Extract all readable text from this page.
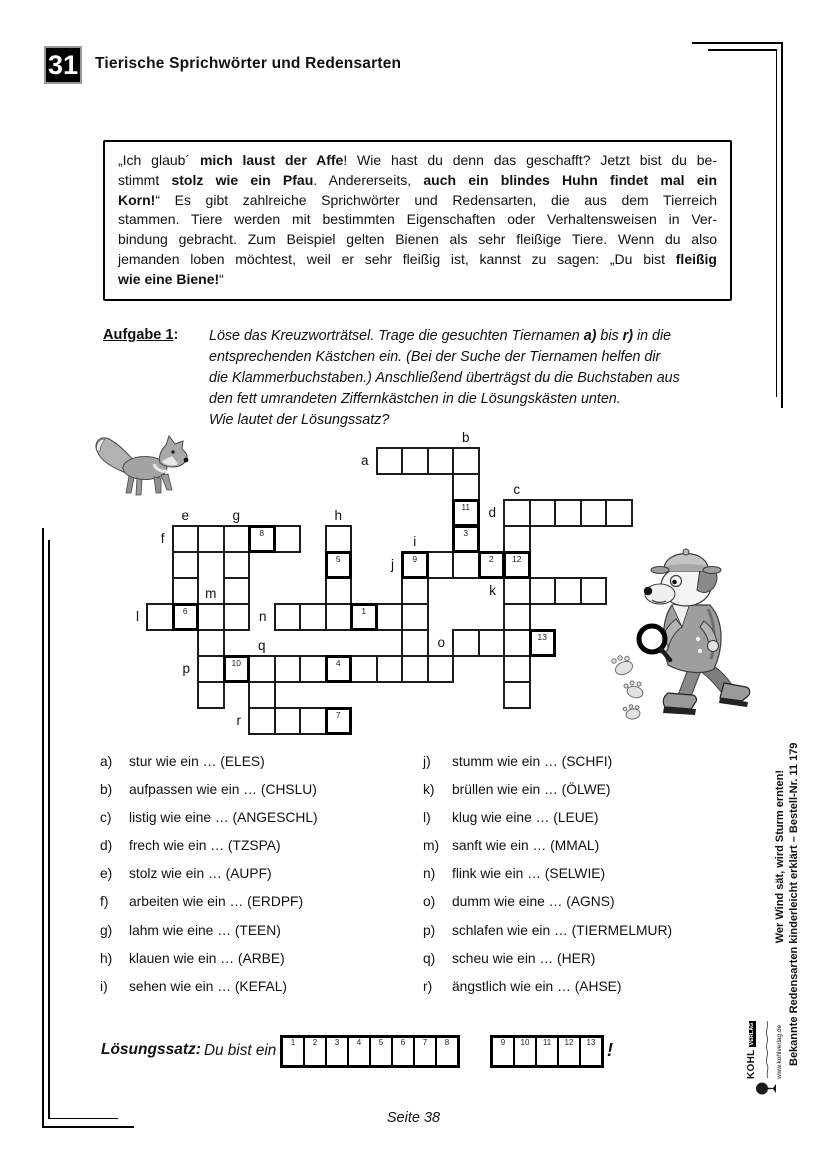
31 Tierische Sprichwörter und Redensarten
„Ich glaub´ mich laust der Affe! Wie hast du denn das geschafft? Jetzt bist du be-
stimmt stolz wie ein Pfau. Andererseits, auch ein blindes Huhn findet mal ein
Korn!“ Es gibt zahlreiche Sprichwörter und Redensarten, die aus dem Tierreich
stammen. Tiere werden mit bestimmten Eigenschaften oder Verhaltensweisen in Ver-
bindung gebracht. Zum Beispiel gelten Bienen als sehr fleißige Tiere. Wenn du also
jemanden loben möchtest, weil er sehr fleißig ist, kannst zu sagen: „Du bist fleißig
wie eine Biene!“
Aufgabe 1: Löse das Kreuzworträtsel. Trage die gesuchten Tiernamen a) bis r) in die
entsprechenden Kästchen ein. (Bei der Suche der Tiernamen helfen dir
die Klammerbuchstaben.) Anschließend überträgst du die Buchstaben aus
den fett umrandeten Ziffernkästchen in die Lösungskästen unten.
Wie lautet der Lösungssatz?
11
3
12
6
8
5	9	2
1
13
10	4
7
a
b
c
d
e
f
g	h
i
j
k
l
m
n
o
p
q
r
a)	stur wie ein … (ELES)
b)	aufpassen wie ein … (CHSLU)
c)	listig wie eine … (ANGESCHL)
d)	frech wie ein … (TZSPA)
e)	stolz wie ein … (AUPF)
f)	arbeiten wie ein … (ERDPF)
g)	lahm wie eine … (TEEN)
h)	klauen wie ein … (ARBE)
i)	sehen wie ein … (KEFAL)
j)	stumm wie ein … (SCHFI)
k)	brüllen wie ein … (ÖLWE)
l)	klug wie eine … (LEUE)
m) sanft wie ein … (MMAL)
n)	flink wie ein … (SELWIE)
o)	dumm wie eine … (AGNS)
p)	schlafen wie ein … (TIERMELMUR)
q)	scheu wie ein … (HER)
r)	ängstlich wie ein … (AHSE)
Lösungssatz: Du bist ein	1	2	3	4	5	6	7	8	9	10	11	12	13 !
Wer Wind sät, wird Sturm ernten! Bekannte Redensarten kinderleicht erklärt – Bestell-Nr. 11 179
KOHL
VERLAG	www.kohlverlag.de
Seite 38
